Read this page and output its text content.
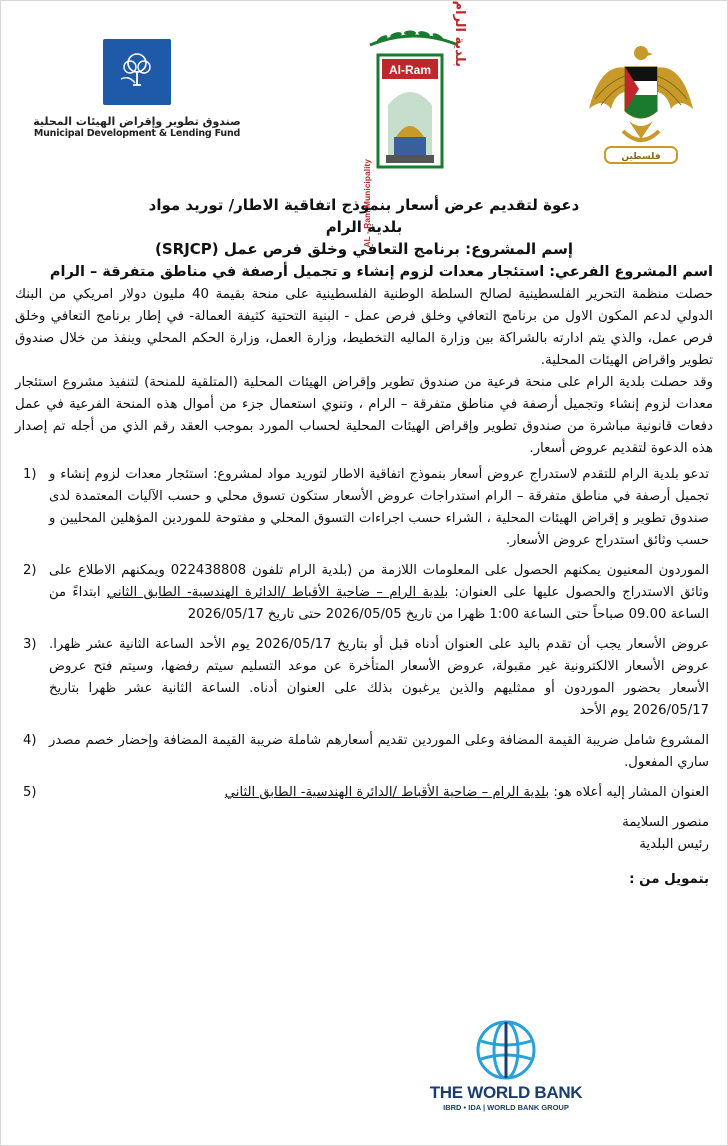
صندوق تطوير وإقراض الهيئات المحلية
Municipal Development & Lending Fund
Al-Ram
AL - Ram Municipality
بلدية الرام
فلسطين
دعوة لتقديم عرض أسعار بنموذج اتفاقية الاطار/ توريد مواد
بلدية الرام
إسم المشروع: برنامج التعافي وخلق فرص عمل (SRJCP)
اسم المشروع الفرعي: استئجار معدات لزوم إنشاء و تجميل أرصفة في مناطق متفرقة – الرام

حصلت منظمة التحرير الفلسطينية لصالح السلطة الوطنية الفلسطينية على منحة بقيمة 40 مليون دولار امريكي من البنك الدولي لدعم المكون الاول من برنامج التعافي وخلق فرص عمل - البنية التحتية كثيفة العمالة- في إطار برنامج التعافي وخلق فرص عمل، والذي يتم ادارته بالشراكة بين وزارة الماليه التخطيط، وزارة العمل، وزارة الحكم المحلي وينفذ من خلال صندوق تطوير واقراض الهيئات المحلية.

وقد حصلت بلدية الرام على منحة فرعية من صندوق تطوير وإقراض الهيئات المحلية (المتلقية للمنحة) لتنفيذ مشروع استئجار معدات لزوم إنشاء وتجميل أرصفة في مناطق متفرقة – الرام ، وتنوي استعمال جزء من أموال هذه المنحة الفرعية في عمل دفعات قانونية مباشرة من صندوق تطوير وإقراض الهيئات المحلية لحساب المورد بموجب العقد رقم الذي من أجله تم إصدار هذه الدعوة لتقديم عروض أسعار.

1) تدعو بلدية الرام للتقدم لاستدراج عروض أسعار بنموذج اتفاقية الاطار لتوريد مواد لمشروع: استئجار معدات لزوم إنشاء و تجميل أرصفة في مناطق متفرقة – الرام استدراجات عروض الأسعار ستكون تسوق محلي و حسب الآليات المعتمدة لدى صندوق تطوير و إقراض الهيئات المحلية ، الشراء حسب اجراءات التسوق المحلي و مفتوحة للموردين المؤهلين المحليين و حسب وثائق استدراج عروض الأسعار.
2) الموردون المعنيون يمكنهم الحصول على المعلومات اللازمة من (بلدية الرام تلفون 022438808 ويمكنهم الاطلاع على وثائق الاستدراج والحصول عليها على العنوان: بلدية الرام – ضاحية الأقباط /الدائرة الهندسية- الطابق الثاني ابتداءً من الساعة 09.00 صباحاً حتى الساعة 1:00 ظهرا من تاريخ 2026/05/05 حتى تاريخ 2026/05/17
3) عروض الأسعار يجب أن تقدم باليد على العنوان أدناه قبل أو بتاريخ 2026/05/17 يوم الأحد الساعة الثانية عشر ظهرا. عروض الأسعار الالكترونية غير مقبولة، عروض الأسعار المتأخرة عن موعد التسليم سيتم رفضها، وسيتم فتح عروض الأسعار بحضور الموردون أو ممثليهم والذين يرغبون بذلك على العنوان أدناه. الساعة الثانية عشر ظهرا بتاريخ 2026/05/17 يوم الأحد
4) المشروع شامل ضريبة القيمة المضافة وعلى الموردين تقديم أسعارهم شاملة ضريبة القيمة المضافة وإحضار خصم مصدر ساري المفعول.
5)	العنوان المشار إليه أعلاه هو: بلدية الرام – ضاحية الأقباط /الدائرة الهندسية- الطابق الثاني
منصور السلايمة
رئيس البلدية
بتمويل من :
THE WORLD BANK
IBRD • IDA | WORLD BANK GROUP
